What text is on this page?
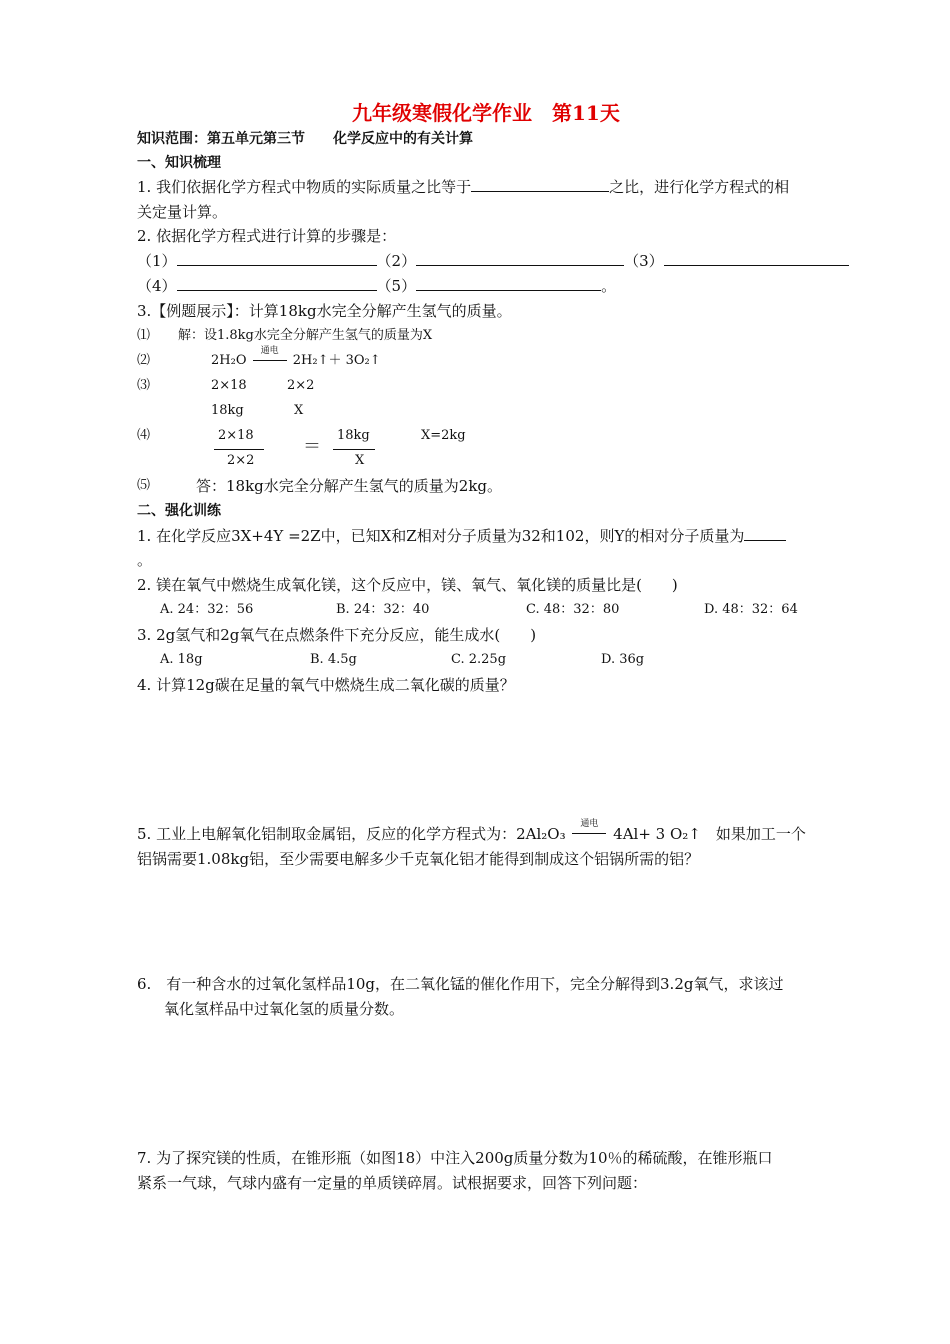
九年级寒假化学作业　第11天
知识范围：第五单元第三节　　化学反应中的有关计算
一、知识梳理
1. 我们依据化学方程式中物质的实际质量之比等于	之比，进行化学方程式的相
关定量计算。
2. 依据化学方程式进行计算的步骤是：
（1）	（2）	（3）
（4）	（5）	。
3.【例题展示】：计算18kg水完全分解产生氢气的质量。
⑴ 解：设1.8kg水完全分解产生氢气的质量为X
⑵	2H₂O
通电
2H₂↑＋ 3O₂↑
⑶	2×18	2×2
18kg	X
⑷	2×18
2×2
＝
18kg
X
X=2kg
⑸	答：18kg水完全分解产生氢气的质量为2kg。
二、强化训练
1. 在化学反应3X+4Y =2Z中，已知X和Z相对分子质量为32和102，则Y的相对分子质量为
。
2. 镁在氧气中燃烧生成氧化镁，这个反应中，镁、氧气、氧化镁的质量比是(　　)
A. 24：32：56	B. 24：32：40	C. 48：32：80	D. 48：32：64
3. 2g氢气和2g氧气在点燃条件下充分反应，能生成水(　　)
A. 18g	B. 4.5g	C. 2.25g	D. 36g
4. 计算12g碳在足量的氧气中燃烧生成二氧化碳的质量？
5. 工业上电解氧化铝制取金属铝，反应的化学方程式为：2Al₂O₃
通电
4Al+ 3 O₂↑　如果加工一个
铝锅需要1.08kg铝，至少需要电解多少千克氧化铝才能得到制成这个铝锅所需的铝？
6.　有一种含水的过氧化氢样品10g，在二氧化锰的催化作用下，完全分解得到3.2g氧气，求该过
氧化氢样品中过氧化氢的质量分数。
7. 为了探究镁的性质，在锥形瓶（如图18）中注入200g质量分数为10％的稀硫酸，在锥形瓶口
紧系一气球，气球内盛有一定量的单质镁碎屑。试根据要求，回答下列问题：
